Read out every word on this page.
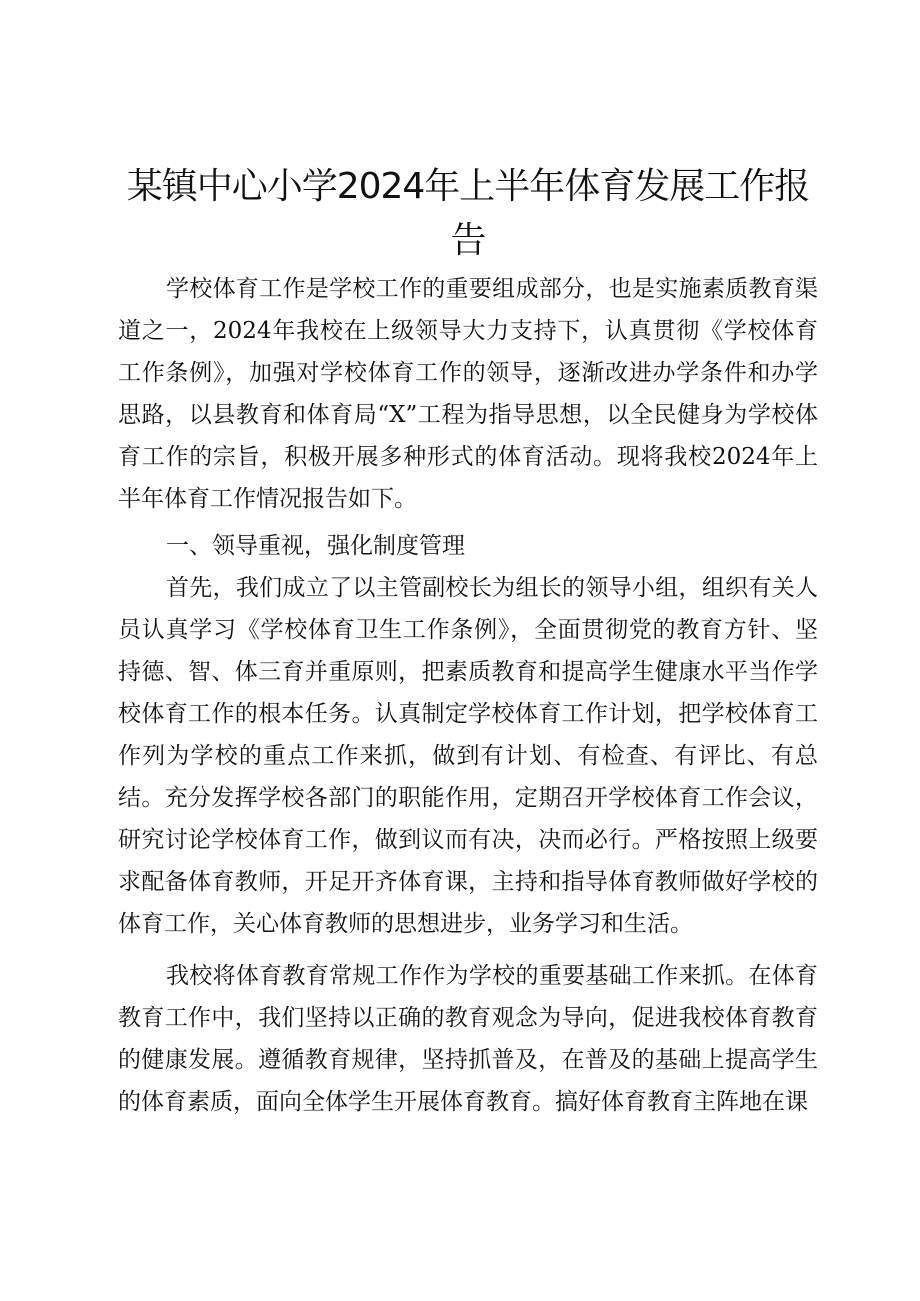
某镇中心小学2024年上半年体育发展工作报告

学校体育工作是学校工作的重要组成部分，也是实施素质教育渠道之一，2024年我校在上级领导大力支持下，认真贯彻《学校体育工作条例》，加强对学校体育工作的领导，逐渐改进办学条件和办学思路，以县教育和体育局“X”工程为指导思想，以全民健身为学校体育工作的宗旨，积极开展多种形式的体育活动。现将我校2024年上半年体育工作情况报告如下。

一、领导重视，强化制度管理

首先，我们成立了以主管副校长为组长的领导小组，组织有关人员认真学习《学校体育卫生工作条例》，全面贯彻党的教育方针、坚持德、智、体三育并重原则，把素质教育和提高学生健康水平当作学校体育工作的根本任务。认真制定学校体育工作计划，把学校体育工作列为学校的重点工作来抓，做到有计划、有检查、有评比、有总结。充分发挥学校各部门的职能作用，定期召开学校体育工作会议，研究讨论学校体育工作，做到议而有决，决而必行。严格按照上级要求配备体育教师，开足开齐体育课，主持和指导体育教师做好学校的体育工作，关心体育教师的思想进步，业务学习和生活。

我校将体育教育常规工作作为学校的重要基础工作来抓。在体育教育工作中，我们坚持以正确的教育观念为导向，促进我校体育教育的健康发展。遵循教育规律，坚持抓普及，在普及的基础上提高学生的体育素质，面向全体学生开展体育教育。搞好体育教育主阵地在课
